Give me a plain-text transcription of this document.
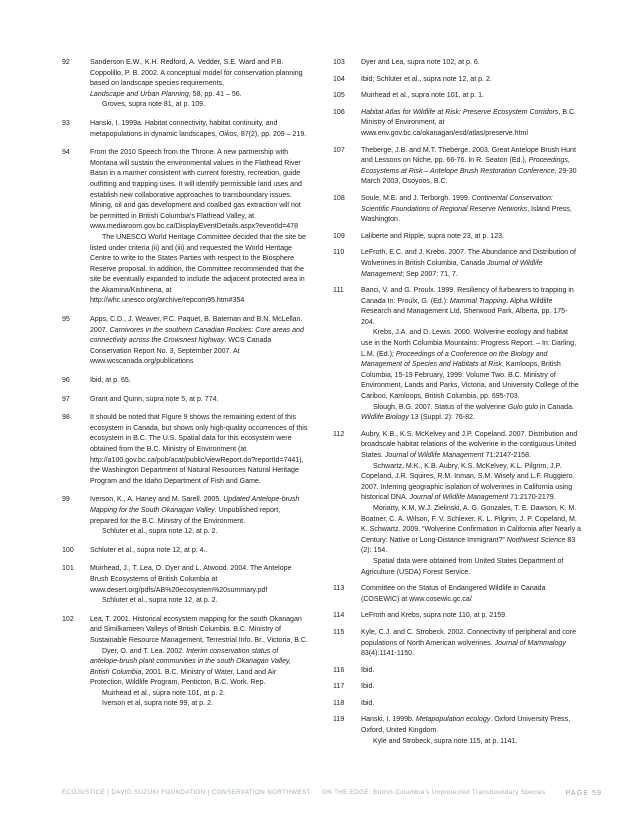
92	Sanderson E.W., K.H. Redford, A. Vedder, S.E. Ward and P.B. Coppolillo, P. B. 2002. A conceptual model for conservation planning based on landscape species requirements,

Landscape and Urban Planning, 58, pp. 41 – 56.

Groves, supra note 81, at p. 109.

93	Hanski, I. 1999a. Habitat connectivity, habitat continuity, and metapopulations in dynamic landscapes, Oikos, 87(2), pp. 209 – 219.

94	From the 2010 Speech from the Throne. A new partnership with Montana will sustain the environmental values in the Flathead River Basin in a manner consistent with current forestry, recreation, guide outfitting and trapping uses. It will identify permissible land uses and establish new collaborative approaches to transboundary issues. Mining, oil and gas development and coalbed gas extraction will not be permitted in British Columbia’s Flathead Valley, at www.mediaroom.gov.bc.ca/DisplayEventDetails.aspx?eventId=478

The UNESCO World Heritage Committee decided that the site be listed under criteria (ii) and (iii) and requested the World Heritage Centre to write to the States Parties with respect to the Biosphere Reserve proposal. In addition, the Committee recommended that the site be eventually expanded to include the adjacent protected area in the Akamina/Kishinena, at http://whc.unesco.org/archive/repcom95.htm#354

95	Apps, C.D., J. Weaver, P.C. Paquet, B. Bateman and B.N. McLellan. 2007. Carnivores in the southern Canadian Rockies: Core areas and connectivity across the Crowsnest highway. WCS Canada Conservation Report No. 3, September 2007. At www.wcscanada.org/publications

96	Ibid, at p. 65.

97	Grant and Quinn, supra note 5, at p. 774.

98	It should be noted that Figure 9 shows the remaining extent of this ecosystem in Canada, but shows only high-quality occurrences of this ecosystem in B.C. The U.S. Spatial data for this ecosystem were obtained from the B.C. Ministry of Environment (at http://a100.gov.bc.ca/pub/acat/public/viewReport.do?reportId=7441), the Washington Department of Natural Resources Natural Heritage Program and the Idaho Department of Fish and Game.

99	Iverson, K., A. Haney and M. Sarell. 2005. Updated Antelope-brush Mapping for the South Okanagan Valley. Unpublished report, prepared for the B.C. Ministry of the Environment.

Schluter et al., supra note 12, at p. 2.

100 Schluter et al., supra note 12, at p. 4..

101 Muirhead, J., T. Lea, O. Dyer and L. Atwood. 2004. The Antelope Brush Ecosystems of British Columbia at www.desert.org/pdfs/AB%20ecosystem%20summary.pdf

Schluter et al., supra note 12, at p. 2.

102 Lea, T. 2001. Historical ecosystem mapping for the south Okanagan and Similkameen Valleys of British Columbia. B.C. Ministry of Sustainable Resource Management, Terrestrial Info. Br., Victoria, B.C.

Dyer, O. and T. Lea. 2002. Interim conservation status of antelope-brush plant communities in the south Okanagan Valley, British Columbia, 2001. B.C. Ministry of Water, Land and Air Protection, Wildlife Program, Penticton, B.C. Work. Rep.

Muirhead et al., supra note 101, at p. 2.

Iverson et al, supra note 99, at p. 2.

103 Dyer and Lea, supra note 102, at p. 6.

104 Ibid; Schluter et al., supra note 12, at p. 2.

105 Muirhead et al., supra note 101, at p. 1.

106 Habitat Atlas for Wildlife at Risk: Preserve Ecosystem Corridors, B.C. Ministry of Environment, at www.env.gov.bc.ca/okanagan/esd/atlas/preserve.html

107 Theberge, J.B. and M.T. Theberge. 2003. Great Antelope Brush Hunt and Lessons on Niche, pp. 66-76. In R. Seaton (Ed.), Proceedings, Ecosystems at Risk – Antelope Brush Restoration Conference, 29-30 March 2003, Osoyoos, B.C.

108 Soule, M.E. and J. Terborgh. 1999. Continental Conservation: Scientific Foundations of Regional Reserve Networks, Island Press, Washington.

109 Laliberte and Ripple, supra note 23, at p. 123.

110 LeFroth, E.C. and J. Krebs. 2007. The Abundance and Distribution of Wolverines in British Columbia, Canada Journal of Wildlife Management; Sep 2007: 71, 7.

111 Banci, V. and G. Proulx. 1999. Resiliency of furbearers to trapping in Canada In: Proulx, G. (Ed.): Mammal Trapping. Alpha Wildlife Research and Management Ltd, Sherwood Park, Alberta, pp. 175-204.

Krebs, J.A. and D. Lewis. 2000. Wolverine ecology and habitat use in the North Columbia Mountains: Progress Report. – In: Darling, L.M. (Ed.); Proceedings of a Conference on the Biology and Management of Species and Habitats at Risk, Kamloops, British Columbia, 15-19 February, 1999. Volume Two. B.C. Ministry of Environment, Lands and Parks, Victoria, and University College of the Cariboo, Kamloops, British Columbia, pp. 695-703.

Slough, B.G. 2007. Status of the wolverine Gulo gulo in Canada. Wildlife Biology 13 (Suppl. 2): 76-82.

112 Aubry, K.B., K.S. McKelvey and J.P. Copeland. 2007. Distribution and broadscale habitat relations of the wolverine in the contiguous United States. Journal of Wildlife Management 71:2147-2158.

Schwartz, M.K., K.B. Aubry, K.S. McKelvey, K.L. Pilgrim, J.P. Copeland, J.R. Squires, R.M. Inman, S.M. Wisely and L.F. Ruggiero. 2007. Inferring geographic isolation of wolverines in California using historical DNA. Journal of Wildlife Management 71:2170-2179.

Moriarty, K.M, W.J. Zielinski, A. G. Gonzales, T. E. Dawson, K. M. Boatner, C. A. Wilson, F. V. Schlexer, K. L. Pilgrim, J. P. Copeland, M. K. Schwartz. 2009. “Wolverine Confirmation in California after Nearly a Century: Native or Long-Distance Immigrant?” Northwest Science 83 (2): 154.

Spatial data were obtained from United States Department of Agriculture (USDA) Forest Service.

113 Committee on the Status of Endangered Wildlife in Canada (COSEWIC) at www.cosewic.gc.ca/

114 LeFroth and Krebs, supra note 110, at p. 2159.

115 Kyle, C.J. and C. Strobeck. 2002. Connectivity of peripheral and core populations of North American wolverines. Journal of Mammalogy 83(4):1141-1150.

116 Ibid.

117 Ibid.

118 Ibid.

119 Hanski, I. 1999b. Metapopulation ecology. Oxford University Press, Oxford, United Kingdom.

Kyle and Strobeck, supra note 115, at p. 1141.

ECOJUSTICE | DAVID SUZUKI FOUNDATION | CONSERVATION NORTHWEST ON THE EDGE: British Columbia’s Unprotected Transboundary Species	PAGE 59
